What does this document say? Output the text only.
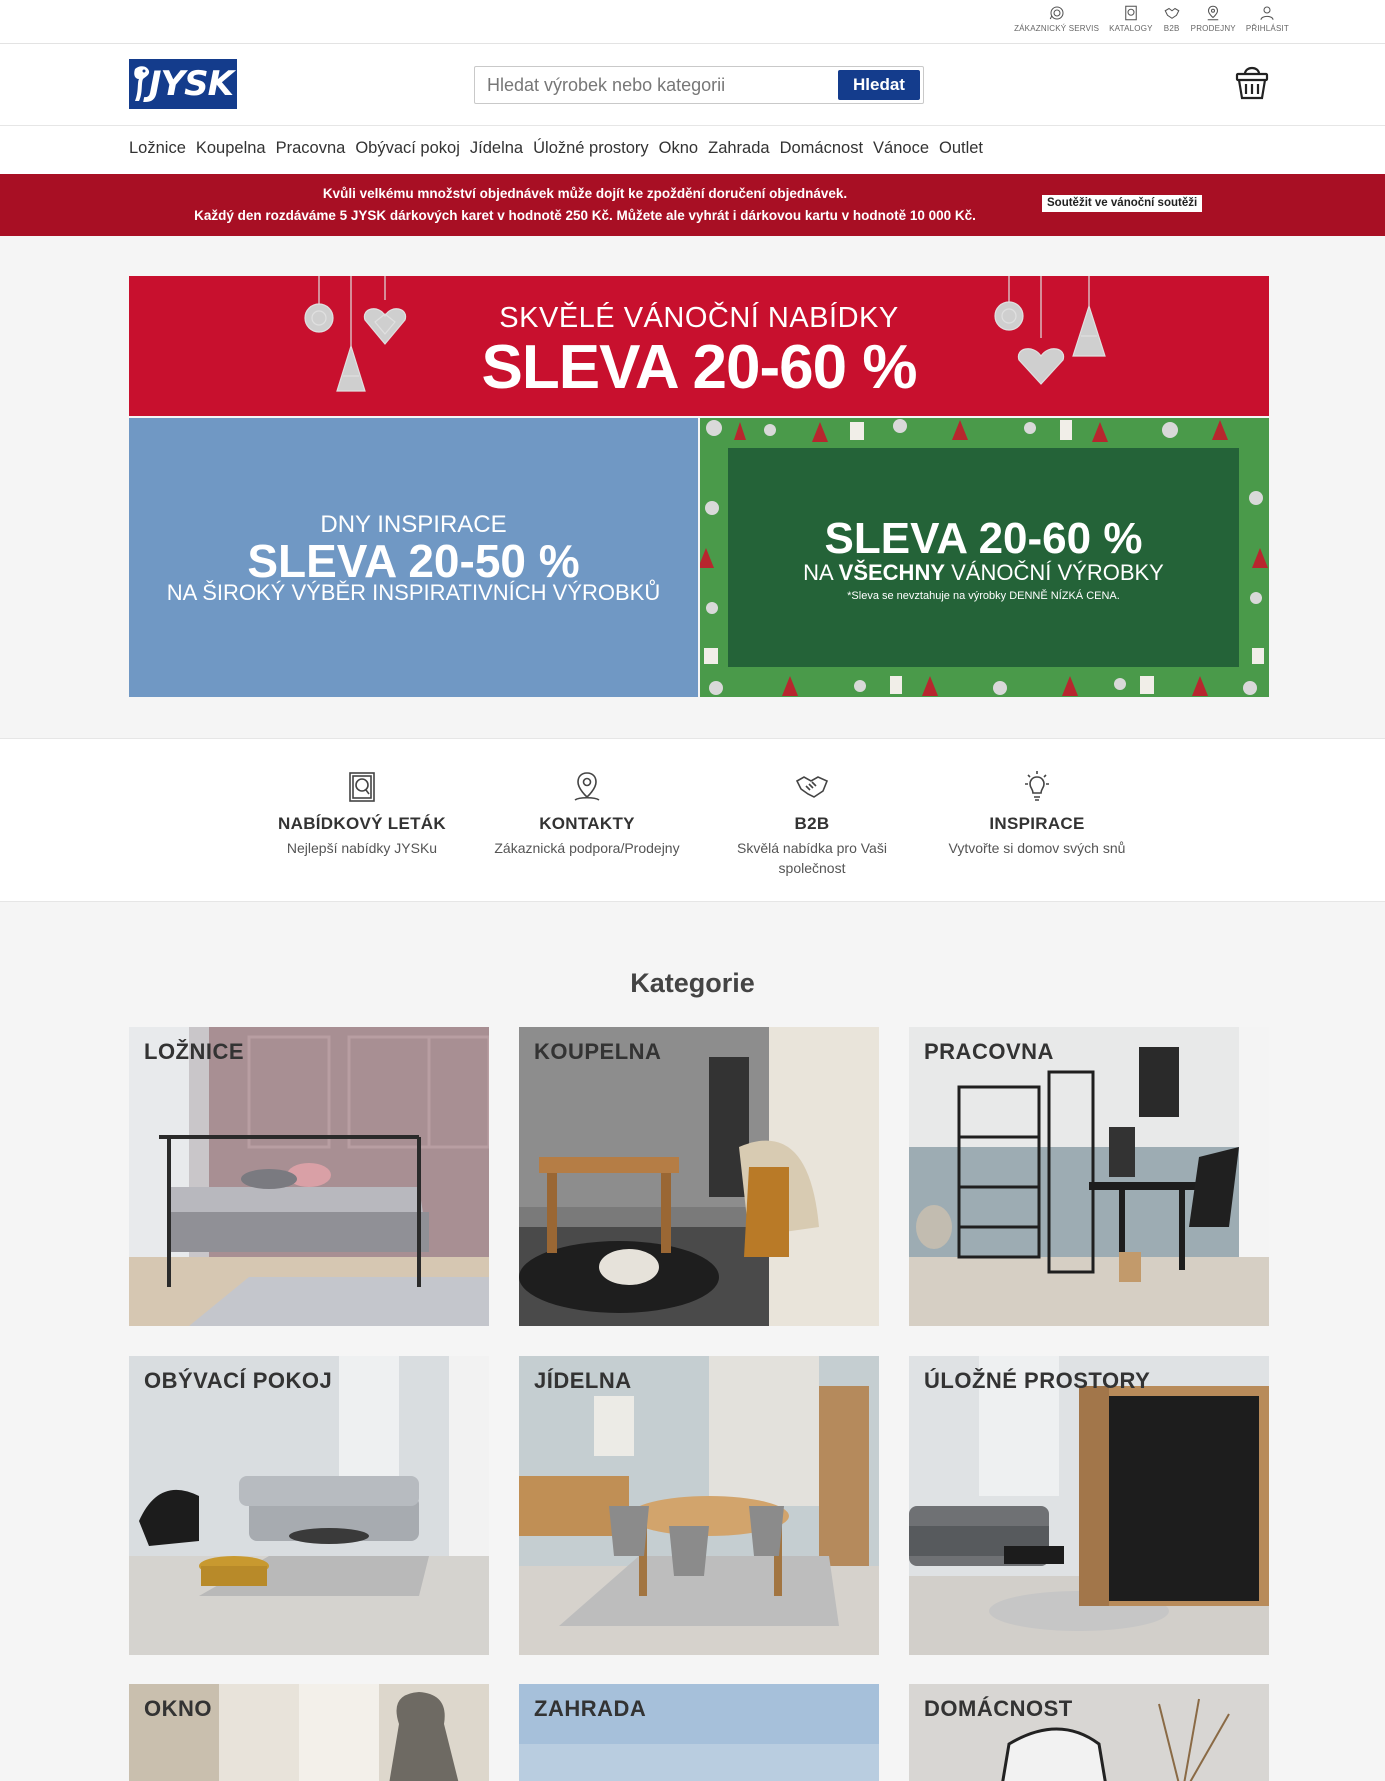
ZÁKAZNICKÝ SERVIS KATALOGY B2B PRODEJNY PŘIHLÁSIT
JYSK
Hledat výrobek nebo kategorii	Hledat
Ložnice Koupelna Pracovna Obývací pokoj Jídelna Úložné prostory Okno Zahrada Domácnost Vánoce Outlet
Kvůli velkému množství objednávek může dojít ke zpoždění doručení objednávek.
Každý den rozdáváme 5 JYSK dárkových karet v hodnotě 250 Kč. Můžete ale vyhrát i dárkovou kartu v hodnotě 10 000 Kč.
Soutěžit ve vánoční soutěži
SKVĚLÉ VÁNOČNÍ NABÍDKY
SLEVA 20-60 %
DNY INSPIRACE
SLEVA 20-50 %
NA ŠIROKÝ VÝBĚR INSPIRATIVNÍCH VÝROBKŮ
SLEVA 20-60 %
NA VŠECHNY VÁNOČNÍ VÝROBKY
*Sleva se nevztahuje na výrobky DENNĚ NÍZKÁ CENA.
NABÍDKOVÝ LETÁK
Nejlepší nabídky JYSKu
KONTAKTY
Zákaznická podpora/Prodejny
B2B
Skvělá nabídka pro Vaši společnost
INSPIRACE
Vytvořte si domov svých snů
Kategorie
LOŽNICE	KOUPELNA	PRACOVNA
OBÝVACÍ POKOJ	JÍDELNA	ÚLOŽNÉ PROSTORY
OKNO	ZAHRADA	DOMÁCNOST
